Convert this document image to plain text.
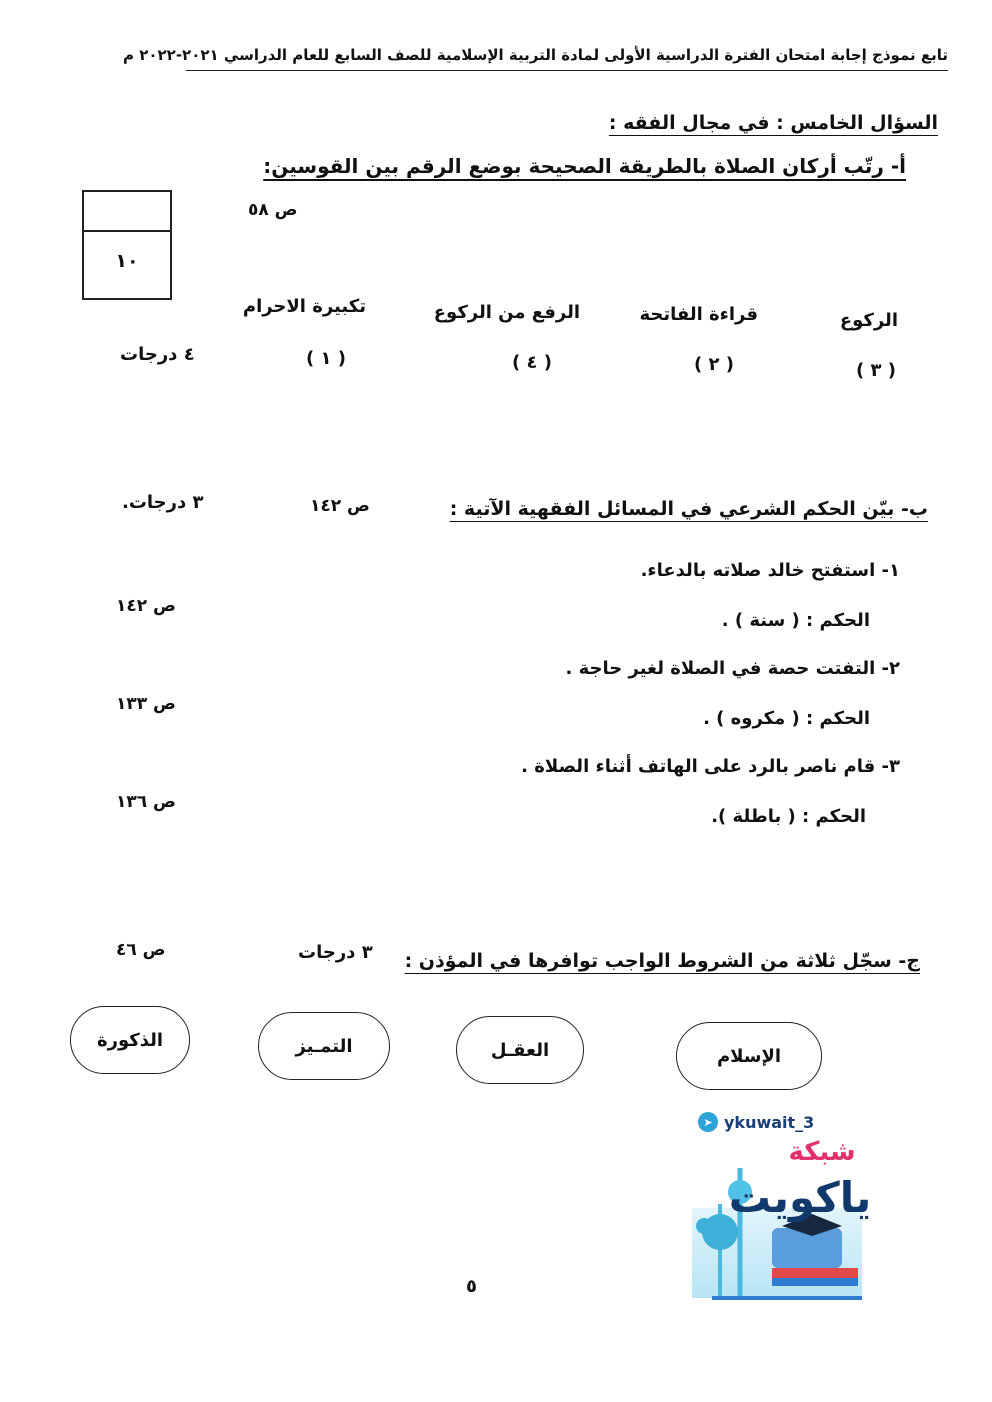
تابع نموذج إجابة امتحان الفترة الدراسية الأولى لمادة التربية الإسلامية للصف السابع للعام الدراسي ٢٠٢١-٢٠٢٢ م
السؤال الخامس : في مجال الفقه :
أ- رتّب أركان الصلاة بالطريقة الصحيحة بوضع الرقم بين القوسين:
ص ٥٨
١٠
الركوع
قراءة الفاتحة
الرفع من الركوع
تكبيرة الاحرام
( ٣ )
( ٢ )
( ٤ )
( ١ )
٤ درجات
ب- بيّن الحكم الشرعي في المسائل الفقهية الآتية :
ص ١٤٢
٣ درجات.
١- استفتح خالد صلاته بالدعاء.
الحكم : ( سنة ) .
ص ١٤٢
٢- التفتت حصة في الصلاة لغير حاجة .
الحكم : ( مكروه ) .
ص ١٣٣
٣- قام ناصر بالرد على الهاتف أثناء الصلاة .
الحكم : ( باطلة ).
ص ١٣٦
ج- سجّل ثلاثة من الشروط الواجب توافرها في المؤذن :
٣ درجات
ص ٤٦
الإسلام
العقـل
التمـيز
الذكورة
➤ ykuwait_3
شبكة
ياكويت
٥
